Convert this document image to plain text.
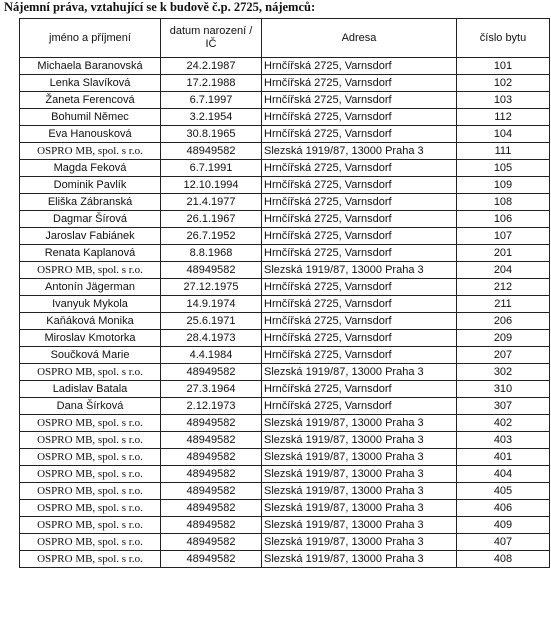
Nájemní práva, vztahující se k budově č.p. 2725, nájemců:
jméno a příjmení	datum narození / IČ	Adresa	číslo bytu
Michaela Baranovská	24.2.1987	Hrnčířská 2725, Varnsdorf	101
Lenka Slavíková	17.2.1988	Hrnčířská 2725, Varnsdorf	102
Žaneta Ferencová	6.7.1997	Hrnčířská 2725, Varnsdorf	103
Bohumil Němec	3.2.1954	Hrnčířská 2725, Varnsdorf	112
Eva Hanousková	30.8.1965	Hrnčířská 2725, Varnsdorf	104
OSPRO MB, spol. s r.o.	48949582	Slezská 1919/87, 13000 Praha 3	111
Magda Feková	6.7.1991	Hrnčířská 2725, Varnsdorf	105
Dominik Pavlík	12.10.1994	Hrnčířská 2725, Varnsdorf	109
Eliška Zábranská	21.4.1977	Hrnčířská 2725, Varnsdorf	108
Dagmar Šírová	26.1.1967	Hrnčířská 2725, Varnsdorf	106
Jaroslav Fabiánek	26.7.1952	Hrnčířská 2725, Varnsdorf	107
Renata Kaplanová	8.8.1968	Hrnčířská 2725, Varnsdorf	201
OSPRO MB, spol. s r.o.	48949582	Slezská 1919/87, 13000 Praha 3	204
Antonín Jägerman	27.12.1975	Hrnčířská 2725, Varnsdorf	212
Ivanyuk Mykola	14.9.1974	Hrnčířská 2725, Varnsdorf	211
Kaňáková Monika	25.6.1971	Hrnčířská 2725, Varnsdorf	206
Miroslav Kmotorka	28.4.1973	Hrnčířská 2725, Varnsdorf	209
Součková Marie	4.4.1984	Hrnčířská 2725, Varnsdorf	207
OSPRO MB, spol. s r.o.	48949582	Slezská 1919/87, 13000 Praha 3	302
Ladislav Batala	27.3.1964	Hrnčířská 2725, Varnsdorf	310
Dana Šírková	2.12.1973	Hrnčířská 2725, Varnsdorf	307
OSPRO MB, spol. s r.o.	48949582	Slezská 1919/87, 13000 Praha 3	402
OSPRO MB, spol. s r.o.	48949582	Slezská 1919/87, 13000 Praha 3	403
OSPRO MB, spol. s r.o.	48949582	Slezská 1919/87, 13000 Praha 3	401
OSPRO MB, spol. s r.o.	48949582	Slezská 1919/87, 13000 Praha 3	404
OSPRO MB, spol. s r.o.	48949582	Slezská 1919/87, 13000 Praha 3	405
OSPRO MB, spol. s r.o.	48949582	Slezská 1919/87, 13000 Praha 3	406
OSPRO MB, spol. s r.o.	48949582	Slezská 1919/87, 13000 Praha 3	409
OSPRO MB, spol. s r.o.	48949582	Slezská 1919/87, 13000 Praha 3	407
OSPRO MB, spol. s r.o.	48949582	Slezská 1919/87, 13000 Praha 3	408
